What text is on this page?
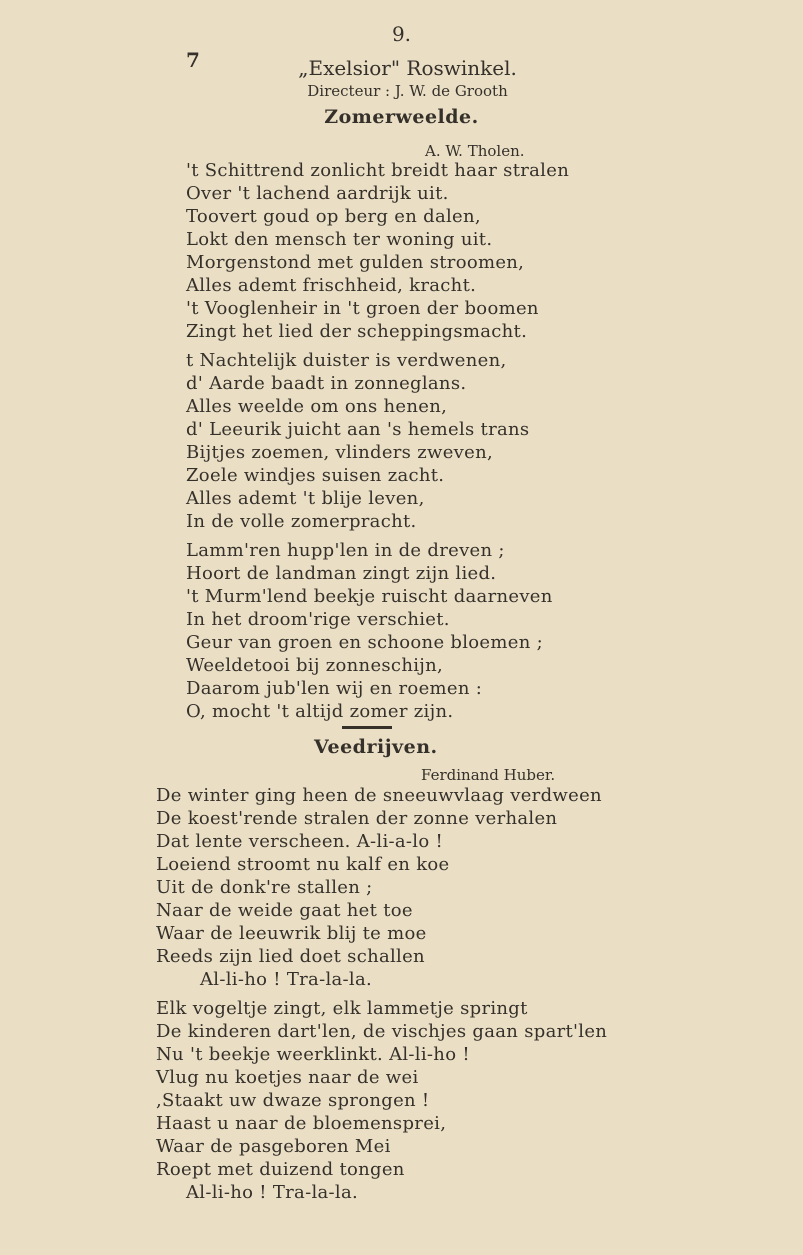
9.
7	„Exelsior" Roswinkel.
Directeur : J. W. de Grooth
Zomerweelde.
A. W. Tholen.
't Schittrend zonlicht breidt haar stralen
Over 't lachend aardrijk uit.
Toovert goud op berg en dalen,
Lokt den mensch ter woning uit.
Morgenstond met gulden stroomen,
Alles ademt frischheid, kracht.
't Vooglenheir in 't groen der boomen
Zingt het lied der scheppingsmacht.
t Nachtelijk duister is verdwenen,
d' Aarde baadt in zonneglans.
Alles weelde om ons henen,
d' Leeurik juicht aan 's hemels trans
Bijtjes zoemen, vlinders zweven,
Zoele windjes suisen zacht.
Alles ademt 't blije leven,
In de volle zomerpracht.
Lamm'ren hupp'len in de dreven ;
Hoort de landman zingt zijn lied.
't Murm'lend beekje ruischt daarneven
In het droom'rige verschiet.
Geur van groen en schoone bloemen ;
Weeldetooi bij zonneschijn,
Daarom jub'len wij en roemen :
O, mocht 't altijd zomer zijn.
Veedrijven.
Ferdinand Huber.
De winter ging heen de sneeuwvlaag verdween
De koest'rende stralen der zonne verhalen
Dat lente verscheen. A-li-a-lo !
Loeiend stroomt nu kalf en koe
Uit de donk're stallen ;
Naar de weide gaat het toe
Waar de leeuwrik blij te moe
Reeds zijn lied doet schallen
Al-li-ho ! Tra-la-la.
Elk vogeltje zingt, elk lammetje springt
De kinderen dart'len, de vischjes gaan spart'len
Nu 't beekje weerklinkt. Al-li-ho !
Vlug nu koetjes naar de wei
,Staakt uw dwaze sprongen !
Haast u naar de bloemensprei,
Waar de pasgeboren Mei
Roept met duizend tongen
Al-li-ho ! Tra-la-la.
